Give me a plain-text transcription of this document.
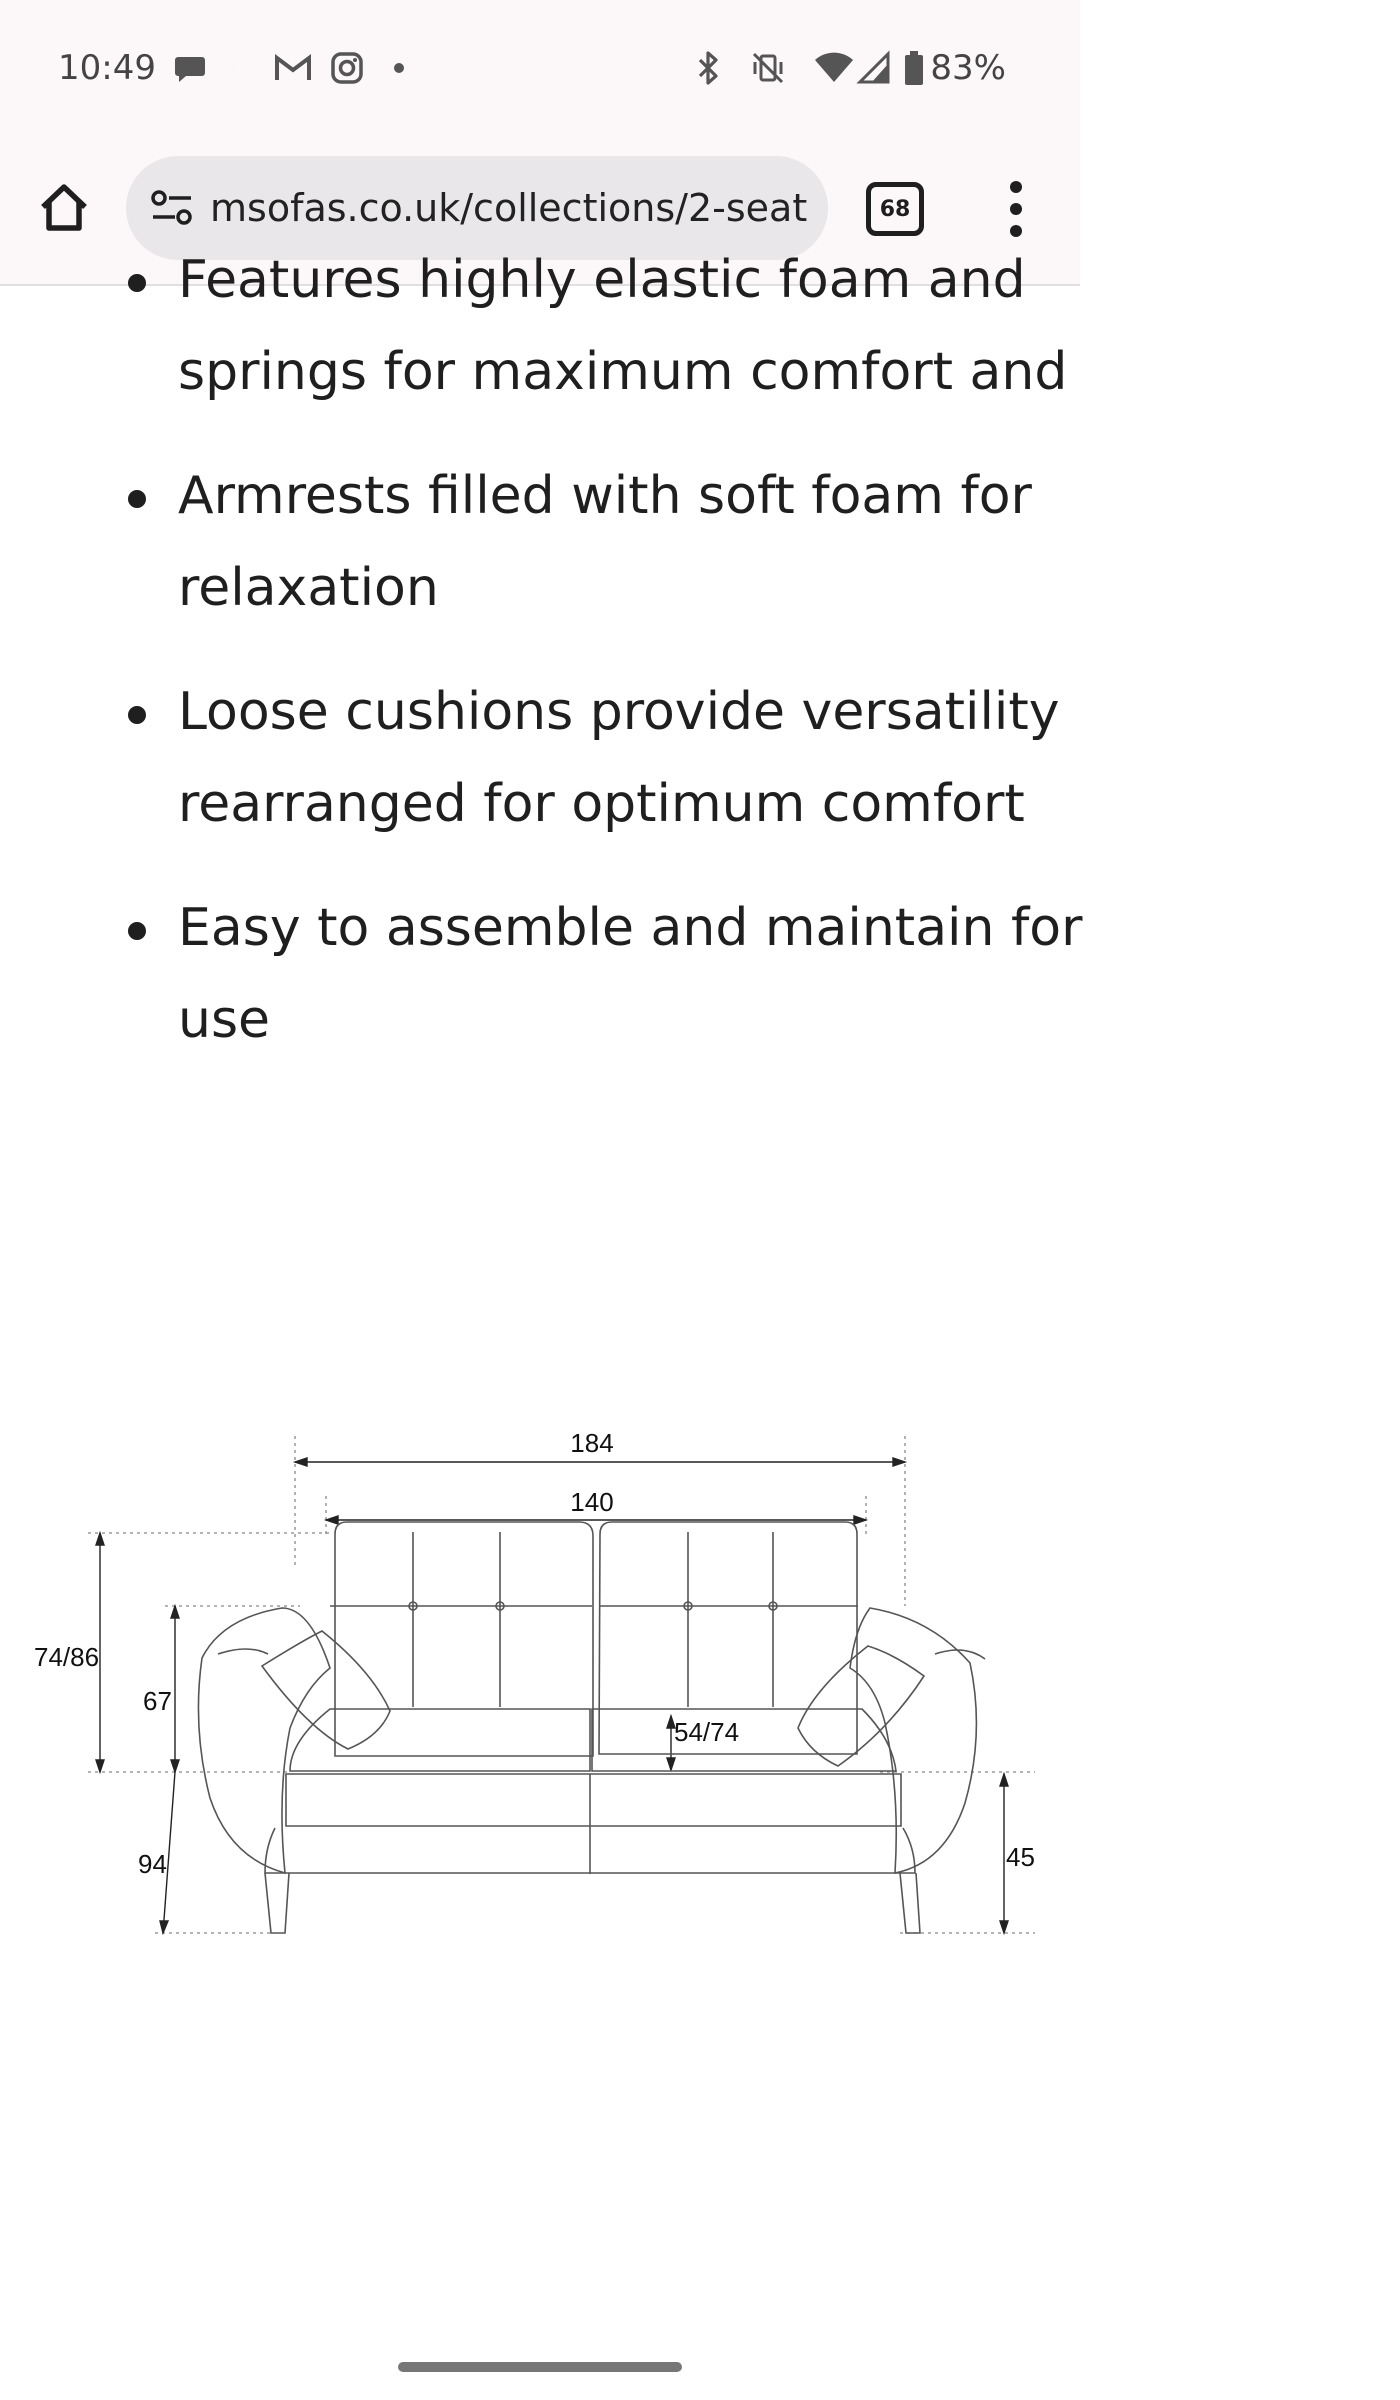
10:49	83%
msofas.co.uk/collections/2-seat	68
Features highly elastic foam and springs for maximum comfort and
Armrests filled with soft foam for relaxation
Loose cushions provide versatility rearranged for optimum comfort
Easy to assemble and maintain for use
184
140
74/86
67
94
54/74
45
